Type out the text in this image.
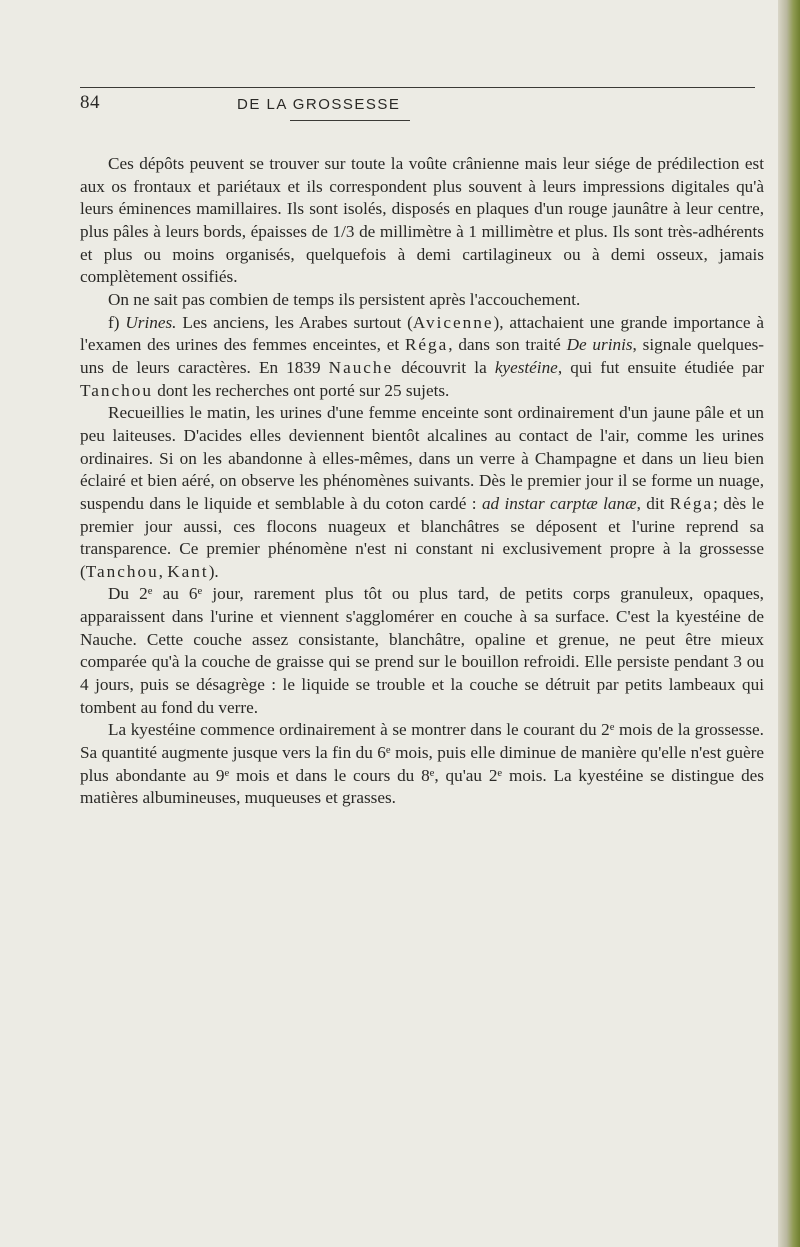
84	DE LA GROSSESSE

Ces dépôts peuvent se trouver sur toute la voûte crânienne mais leur siége de prédilection est aux os frontaux et pariétaux et ils correspondent plus souvent à leurs impressions digitales qu'à leurs éminences mamillaires. Ils sont isolés, disposés en plaques d'un rouge jaunâtre à leur centre, plus pâles à leurs bords, épaisses de 1/3 de millimètre à 1 millimètre et plus. Ils sont très-adhérents et plus ou moins organisés, quelquefois à demi cartilagineux ou à demi osseux, jamais complètement ossifiés.

On ne sait pas combien de temps ils persistent après l'accouchement.

f) Urines. Les anciens, les Arabes surtout (Avicenne), attachaient une grande importance à l'examen des urines des femmes enceintes, et Réga, dans son traité De urinis, signale quelques-uns de leurs caractères. En 1839 Nauche découvrit la kyestéine, qui fut ensuite étudiée par Tanchou dont les recherches ont porté sur 25 sujets.

Recueillies le matin, les urines d'une femme enceinte sont ordinairement d'un jaune pâle et un peu laiteuses. D'acides elles deviennent bientôt alcalines au contact de l'air, comme les urines ordinaires. Si on les abandonne à elles-mêmes, dans un verre à Champagne et dans un lieu bien éclairé et bien aéré, on observe les phénomènes suivants. Dès le premier jour il se forme un nuage, suspendu dans le liquide et semblable à du coton cardé : ad instar carptæ lanæ, dit Réga; dès le premier jour aussi, ces flocons nuageux et blanchâtres se déposent et l'urine reprend sa transparence. Ce premier phénomène n'est ni constant ni exclusivement propre à la grossesse (Tanchou, Kant).

Du 2e au 6e jour, rarement plus tôt ou plus tard, de petits corps granuleux, opaques, apparaissent dans l'urine et viennent s'agglomérer en couche à sa surface. C'est la kyestéine de Nauche. Cette couche assez consistante, blanchâtre, opaline et grenue, ne peut être mieux comparée qu'à la couche de graisse qui se prend sur le bouillon refroidi. Elle persiste pendant 3 ou 4 jours, puis se désagrège : le liquide se trouble et la couche se détruit par petits lambeaux qui tombent au fond du verre.

La kyestéine commence ordinairement à se montrer dans le courant du 2e mois de la grossesse. Sa quantité augmente jusque vers la fin du 6e mois, puis elle diminue de manière qu'elle n'est guère plus abondante au 9e mois et dans le cours du 8e, qu'au 2e mois. La kyestéine se distingue des matières albumineuses, muqueuses et grasses.
